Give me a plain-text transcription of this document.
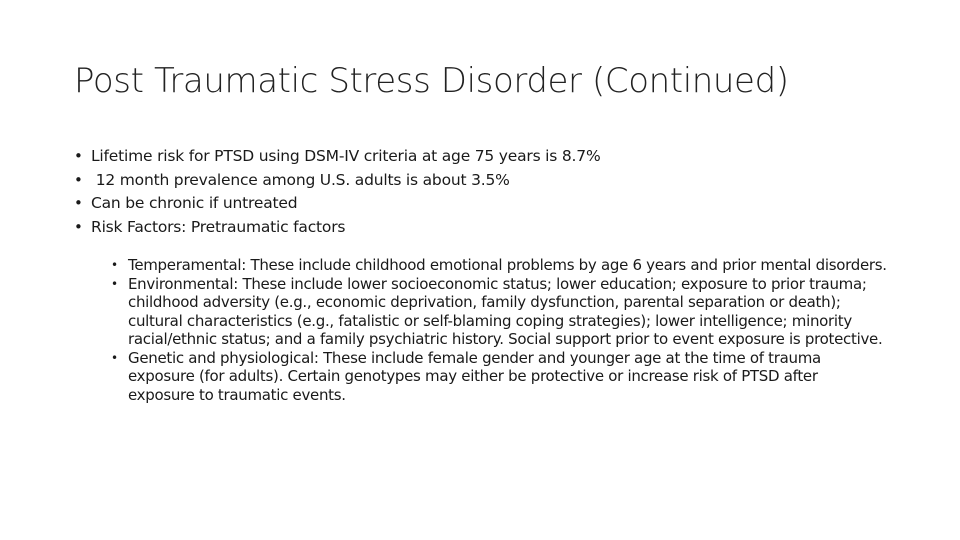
Post Traumatic Stress Disorder (Continued)
• Lifetime risk for PTSD using DSM-IV criteria at age 75 years is 8.7%
• 12 month prevalence among U.S. adults is about 3.5%
• Can be chronic if untreated
• Risk Factors: Pretraumatic factors
• Temperamental: These include childhood emotional problems by age 6 years and prior mental disorders.
• Environmental: These include lower socioeconomic status; lower education; exposure to prior trauma; childhood adversity (e.g., economic deprivation, family dysfunction, parental separation or death); cultural characteristics (e.g., fatalistic or self-blaming coping strategies); lower intelligence; minority racial/ethnic status; and a family psychiatric history. Social support prior to event exposure is protective.
• Genetic and physiological: These include female gender and younger age at the time of trauma exposure (for adults). Certain genotypes may either be protective or increase risk of PTSD after exposure to traumatic events.
